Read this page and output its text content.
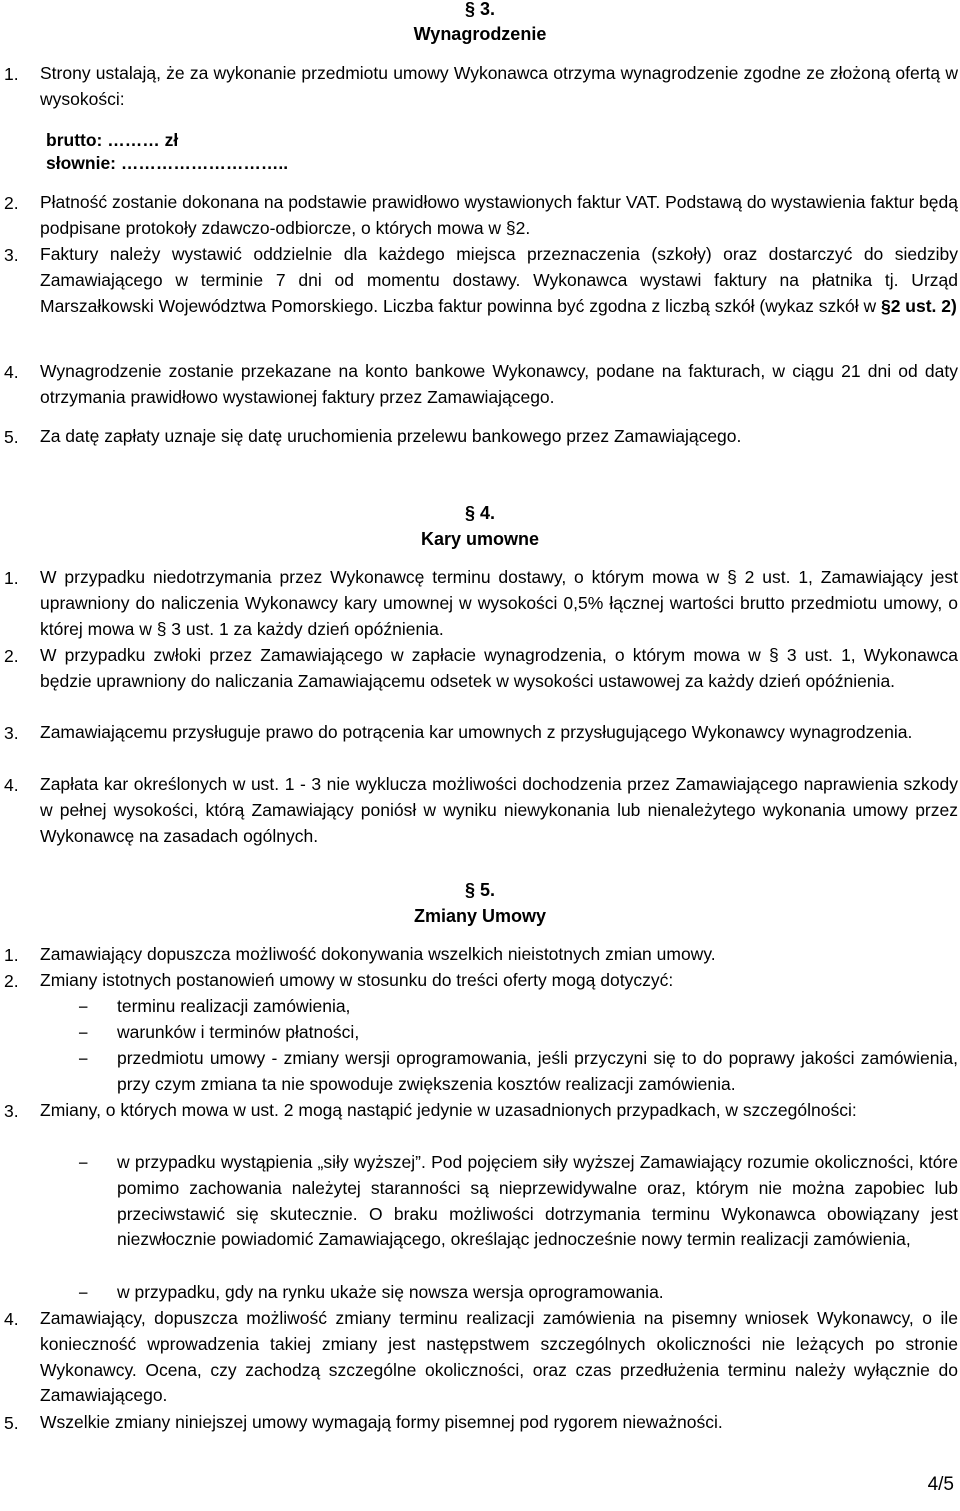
§ 3.
Wynagrodzenie
1. Strony ustalają, że za wykonanie przedmiotu umowy Wykonawca otrzyma wynagrodzenie zgodne ze złożoną ofertą w wysokości:
brutto: ……… zł
słownie: ………………………..
2. Płatność zostanie dokonana na podstawie prawidłowo wystawionych faktur VAT. Podstawą do wystawienia faktur będą podpisane protokoły zdawczo-odbiorcze, o których mowa w §2.
3. Faktury należy wystawić oddzielnie dla każdego miejsca przeznaczenia (szkoły) oraz dostarczyć do siedziby Zamawiającego w terminie 7 dni od momentu dostawy. Wykonawca wystawi faktury na płatnika tj. Urząd Marszałkowski Województwa Pomorskiego. Liczba faktur powinna być zgodna z liczbą szkół (wykaz szkół w §2 ust. 2)
4. Wynagrodzenie zostanie przekazane na konto bankowe Wykonawcy, podane na fakturach, w ciągu 21 dni od daty otrzymania prawidłowo wystawionej faktury przez Zamawiającego.
5. Za datę zapłaty uznaje się datę uruchomienia przelewu bankowego przez Zamawiającego.
§ 4.
Kary umowne
1. W przypadku niedotrzymania przez Wykonawcę terminu dostawy, o którym mowa w § 2 ust. 1, Zamawiający jest uprawniony do naliczenia Wykonawcy kary umownej w wysokości 0,5% łącznej wartości brutto przedmiotu umowy, o której mowa w § 3 ust. 1 za każdy dzień opóźnienia.
2. W przypadku zwłoki przez Zamawiającego w zapłacie wynagrodzenia, o którym mowa w § 3 ust. 1, Wykonawca będzie uprawniony do naliczania Zamawiającemu odsetek w wysokości ustawowej za każdy dzień opóźnienia.
3. Zamawiającemu przysługuje prawo do potrącenia kar umownych z przysługującego Wykonawcy wynagrodzenia.
4. Zapłata kar określonych w ust. 1 - 3 nie wyklucza możliwości dochodzenia przez Zamawiającego naprawienia szkody w pełnej wysokości, którą Zamawiający poniósł w wyniku niewykonania lub nienależytego wykonania umowy przez Wykonawcę na zasadach ogólnych.
§ 5.
Zmiany Umowy
1. Zamawiający dopuszcza możliwość dokonywania wszelkich nieistotnych zmian umowy.
2. Zmiany istotnych postanowień umowy w stosunku do treści oferty mogą dotyczyć:
− terminu realizacji zamówienia,
− warunków i terminów płatności,
− przedmiotu umowy - zmiany wersji oprogramowania, jeśli przyczyni się to do poprawy jakości zamówienia, przy czym zmiana ta nie spowoduje zwiększenia kosztów realizacji zamówienia.
3. Zmiany, o których mowa w ust. 2 mogą nastąpić jedynie w uzasadnionych przypadkach, w szczególności:
− w przypadku wystąpienia „siły wyższej”. Pod pojęciem siły wyższej Zamawiający rozumie okoliczności, które pomimo zachowania należytej staranności są nieprzewidywalne oraz, którym nie można zapobiec lub przeciwstawić się skutecznie. O braku możliwości dotrzymania terminu Wykonawca obowiązany jest niezwłocznie powiadomić Zamawiającego, określając jednocześnie nowy termin realizacji zamówienia,
− w przypadku, gdy na rynku ukaże się nowsza wersja oprogramowania.
4. Zamawiający, dopuszcza możliwość zmiany terminu realizacji zamówienia na pisemny wniosek Wykonawcy, o ile konieczność wprowadzenia takiej zmiany jest następstwem szczególnych okoliczności nie leżących po stronie Wykonawcy. Ocena, czy zachodzą szczególne okoliczności, oraz czas przedłużenia terminu należy wyłącznie do Zamawiającego.
5. Wszelkie zmiany niniejszej umowy wymagają formy pisemnej pod rygorem nieważności.
4/5
